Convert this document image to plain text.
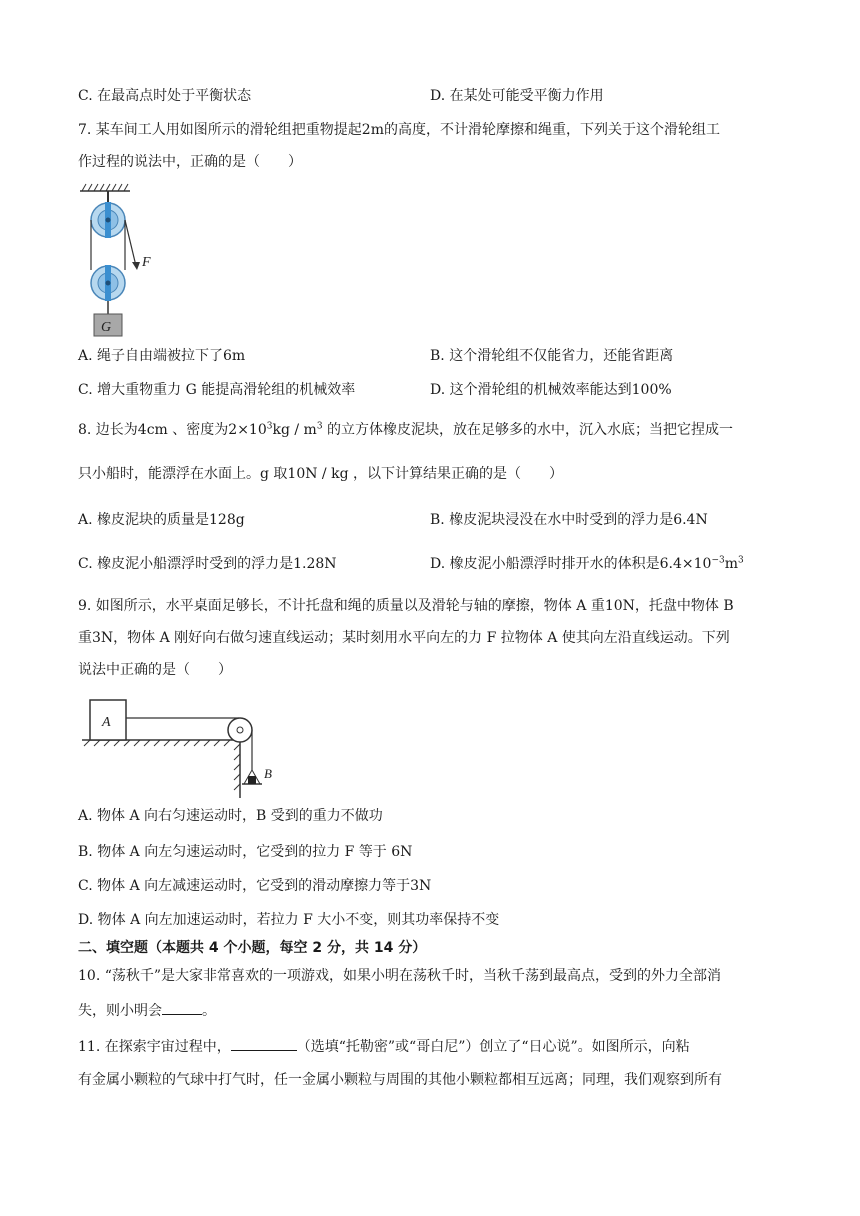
C. 在最高点时处于平衡状态	D. 在某处可能受平衡力作用
7. 某车间工人用如图所示的滑轮组把重物提起2m的高度，不计滑轮摩擦和绳重，下列关于这个滑轮组工
作过程的说法中，正确的是（　　）
F
G
A. 绳子自由端被拉下了6m	B. 这个滑轮组不仅能省力，还能省距离
C. 增大重物重力 G 能提高滑轮组的机械效率	D. 这个滑轮组的机械效率能达到100%
8. 边长为4cm 、密度为$2\times 10^3kg / m^3$ 的立方体橡皮泥块，放在足够多的水中，沉入水底；当把它捏成一
只小船时，能漂浮在水面上。g 取10N / kg ，以下计算结果正确的是（　　）
A. 橡皮泥块的质量是128g	B. 橡皮泥块浸没在水中时受到的浮力是6.4N
C. 橡皮泥小船漂浮时受到的浮力是1.28N	D. 橡皮泥小船漂浮时排开水的体积是$6.4\times 10^{-3}m^3$
9. 如图所示，水平桌面足够长，不计托盘和绳的质量以及滑轮与轴的摩擦，物体 A 重10N，托盘中物体 B
重3N，物体 A 刚好向右做匀速直线运动；某时刻用水平向左的力 F 拉物体 A 使其向左沿直线运动。下列
说法中正确的是（　　）
A
B
A. 物体 A 向右匀速运动时，B 受到的重力不做功
B. 物体 A 向左匀速运动时，它受到的拉力 F 等于 6N
C. 物体 A 向左减速运动时，它受到的滑动摩擦力等于3N
D. 物体 A 向左加速运动时，若拉力 F 大小不变，则其功率保持不变
二、填空题（本题共 4 个小题，每空 2 分，共 14 分）
10. “荡秋千”是大家非常喜欢的一项游戏，如果小明在荡秋千时，当秋千荡到最高点，受到的外力全部消
失，则小明会	。
11. 在探索宇宙过程中，	（选填“托勒密”或“哥白尼”）创立了“日心说”。如图所示，向粘
有金属小颗粒的气球中打气时，任一金属小颗粒与周围的其他小颗粒都相互远离；同理，我们观察到所有
